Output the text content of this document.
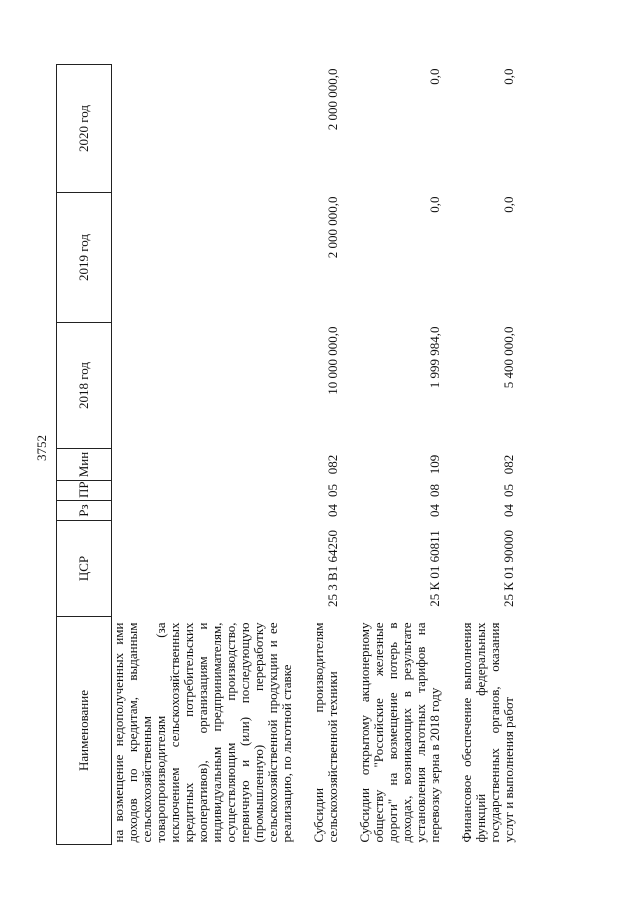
3752
Наименование	ЦСР	Рз	ПР	Мин	2018 год	2019 год	2020 год
на возмещение недополученных ими доходов по кредитам, выданным сельскохозяйственным товаропроизводителям (за исключением сельскохозяйственных кредитных потребительских кооперативов), организациям и индивидуальным предпринимателям, осуществляющим производство, первичную и (или) последующую (промышленную) переработку сельскохозяйственной продукции и ее реализацию, по льготной ставке							
Субсидии производителям сельскохозяйственной техники	25 3 В1 64250	04	05	082	10 000 000,0	2 000 000,0	2 000 000,0
Субсидии открытому акционерному обществу "Российские железные дороги" на возмещение потерь в доходах, возникающих в результате установления льготных тарифов на перевозку зерна в 2018 году	25 К 01 60811	04	08	109	1 999 984,0	0,0	0,0
Финансовое обеспечение выполнения функций федеральных государственных органов, оказания услуг и выполнения работ	25 К 01 90000	04	05	082	5 400 000,0	0,0	0,0
